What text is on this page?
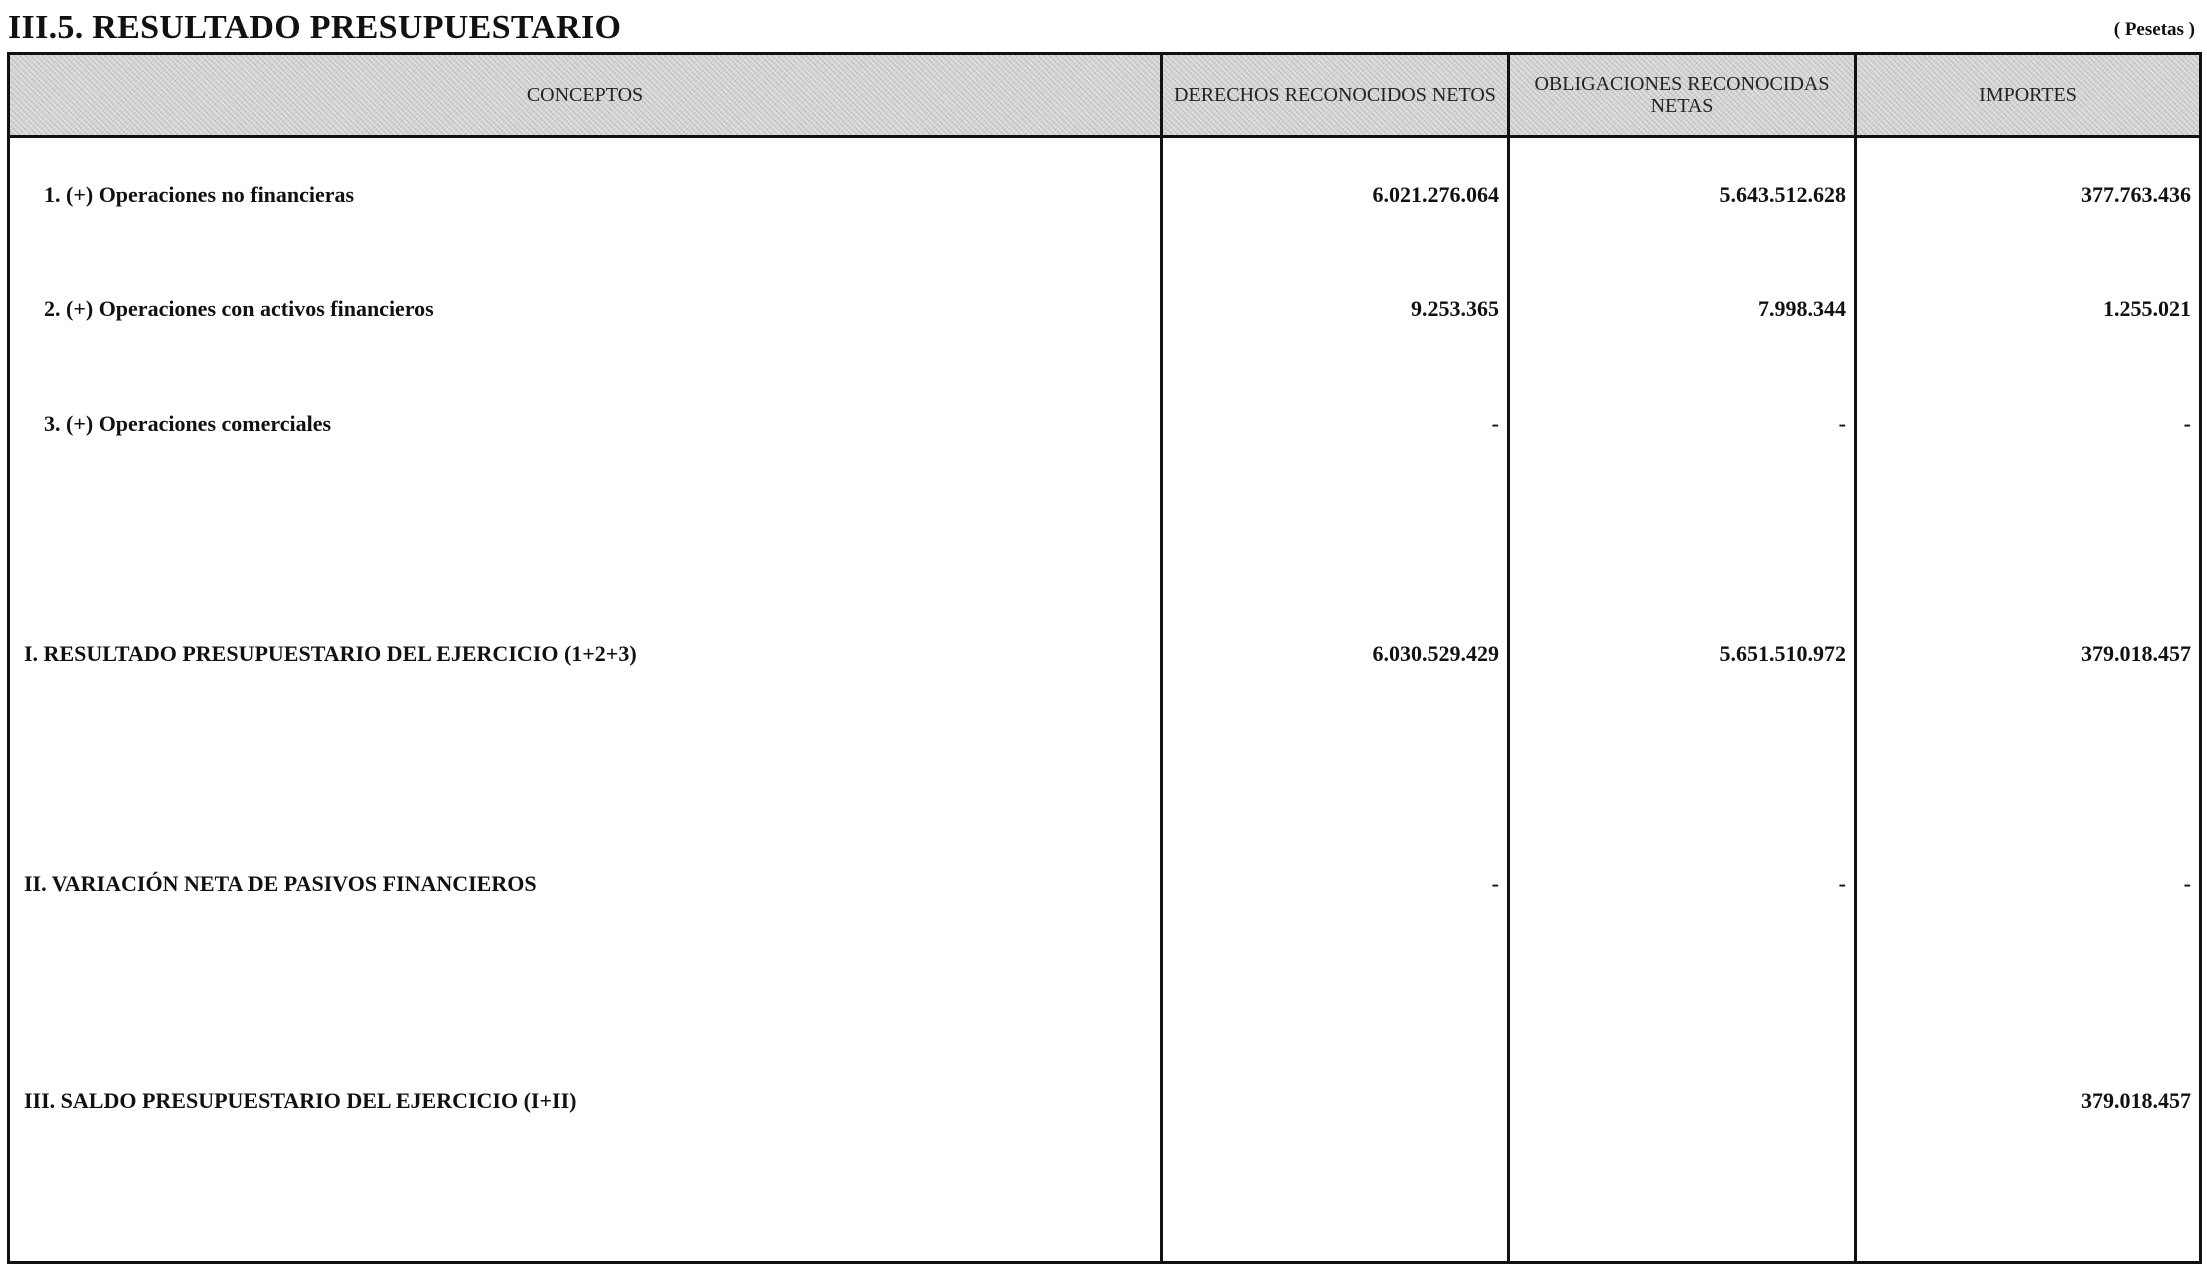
III.5. RESULTADO PRESUPUESTARIO	( Pesetas )
CONCEPTOS	DERECHOS RECONOCIDOS NETOS	OBLIGACIONES RECONOCIDAS NETAS	IMPORTES
1. (+) Operaciones no financieras	6.021.276.064	5.643.512.628	377.763.436
2. (+) Operaciones con activos financieros	9.253.365	7.998.344	1.255.021
3. (+) Operaciones comerciales	-	-	-
I. RESULTADO PRESUPUESTARIO DEL EJERCICIO (1+2+3)	6.030.529.429	5.651.510.972	379.018.457
II. VARIACIÓN NETA DE PASIVOS FINANCIEROS	-	-	-
III. SALDO PRESUPUESTARIO DEL EJERCICIO (I+II)			379.018.457
